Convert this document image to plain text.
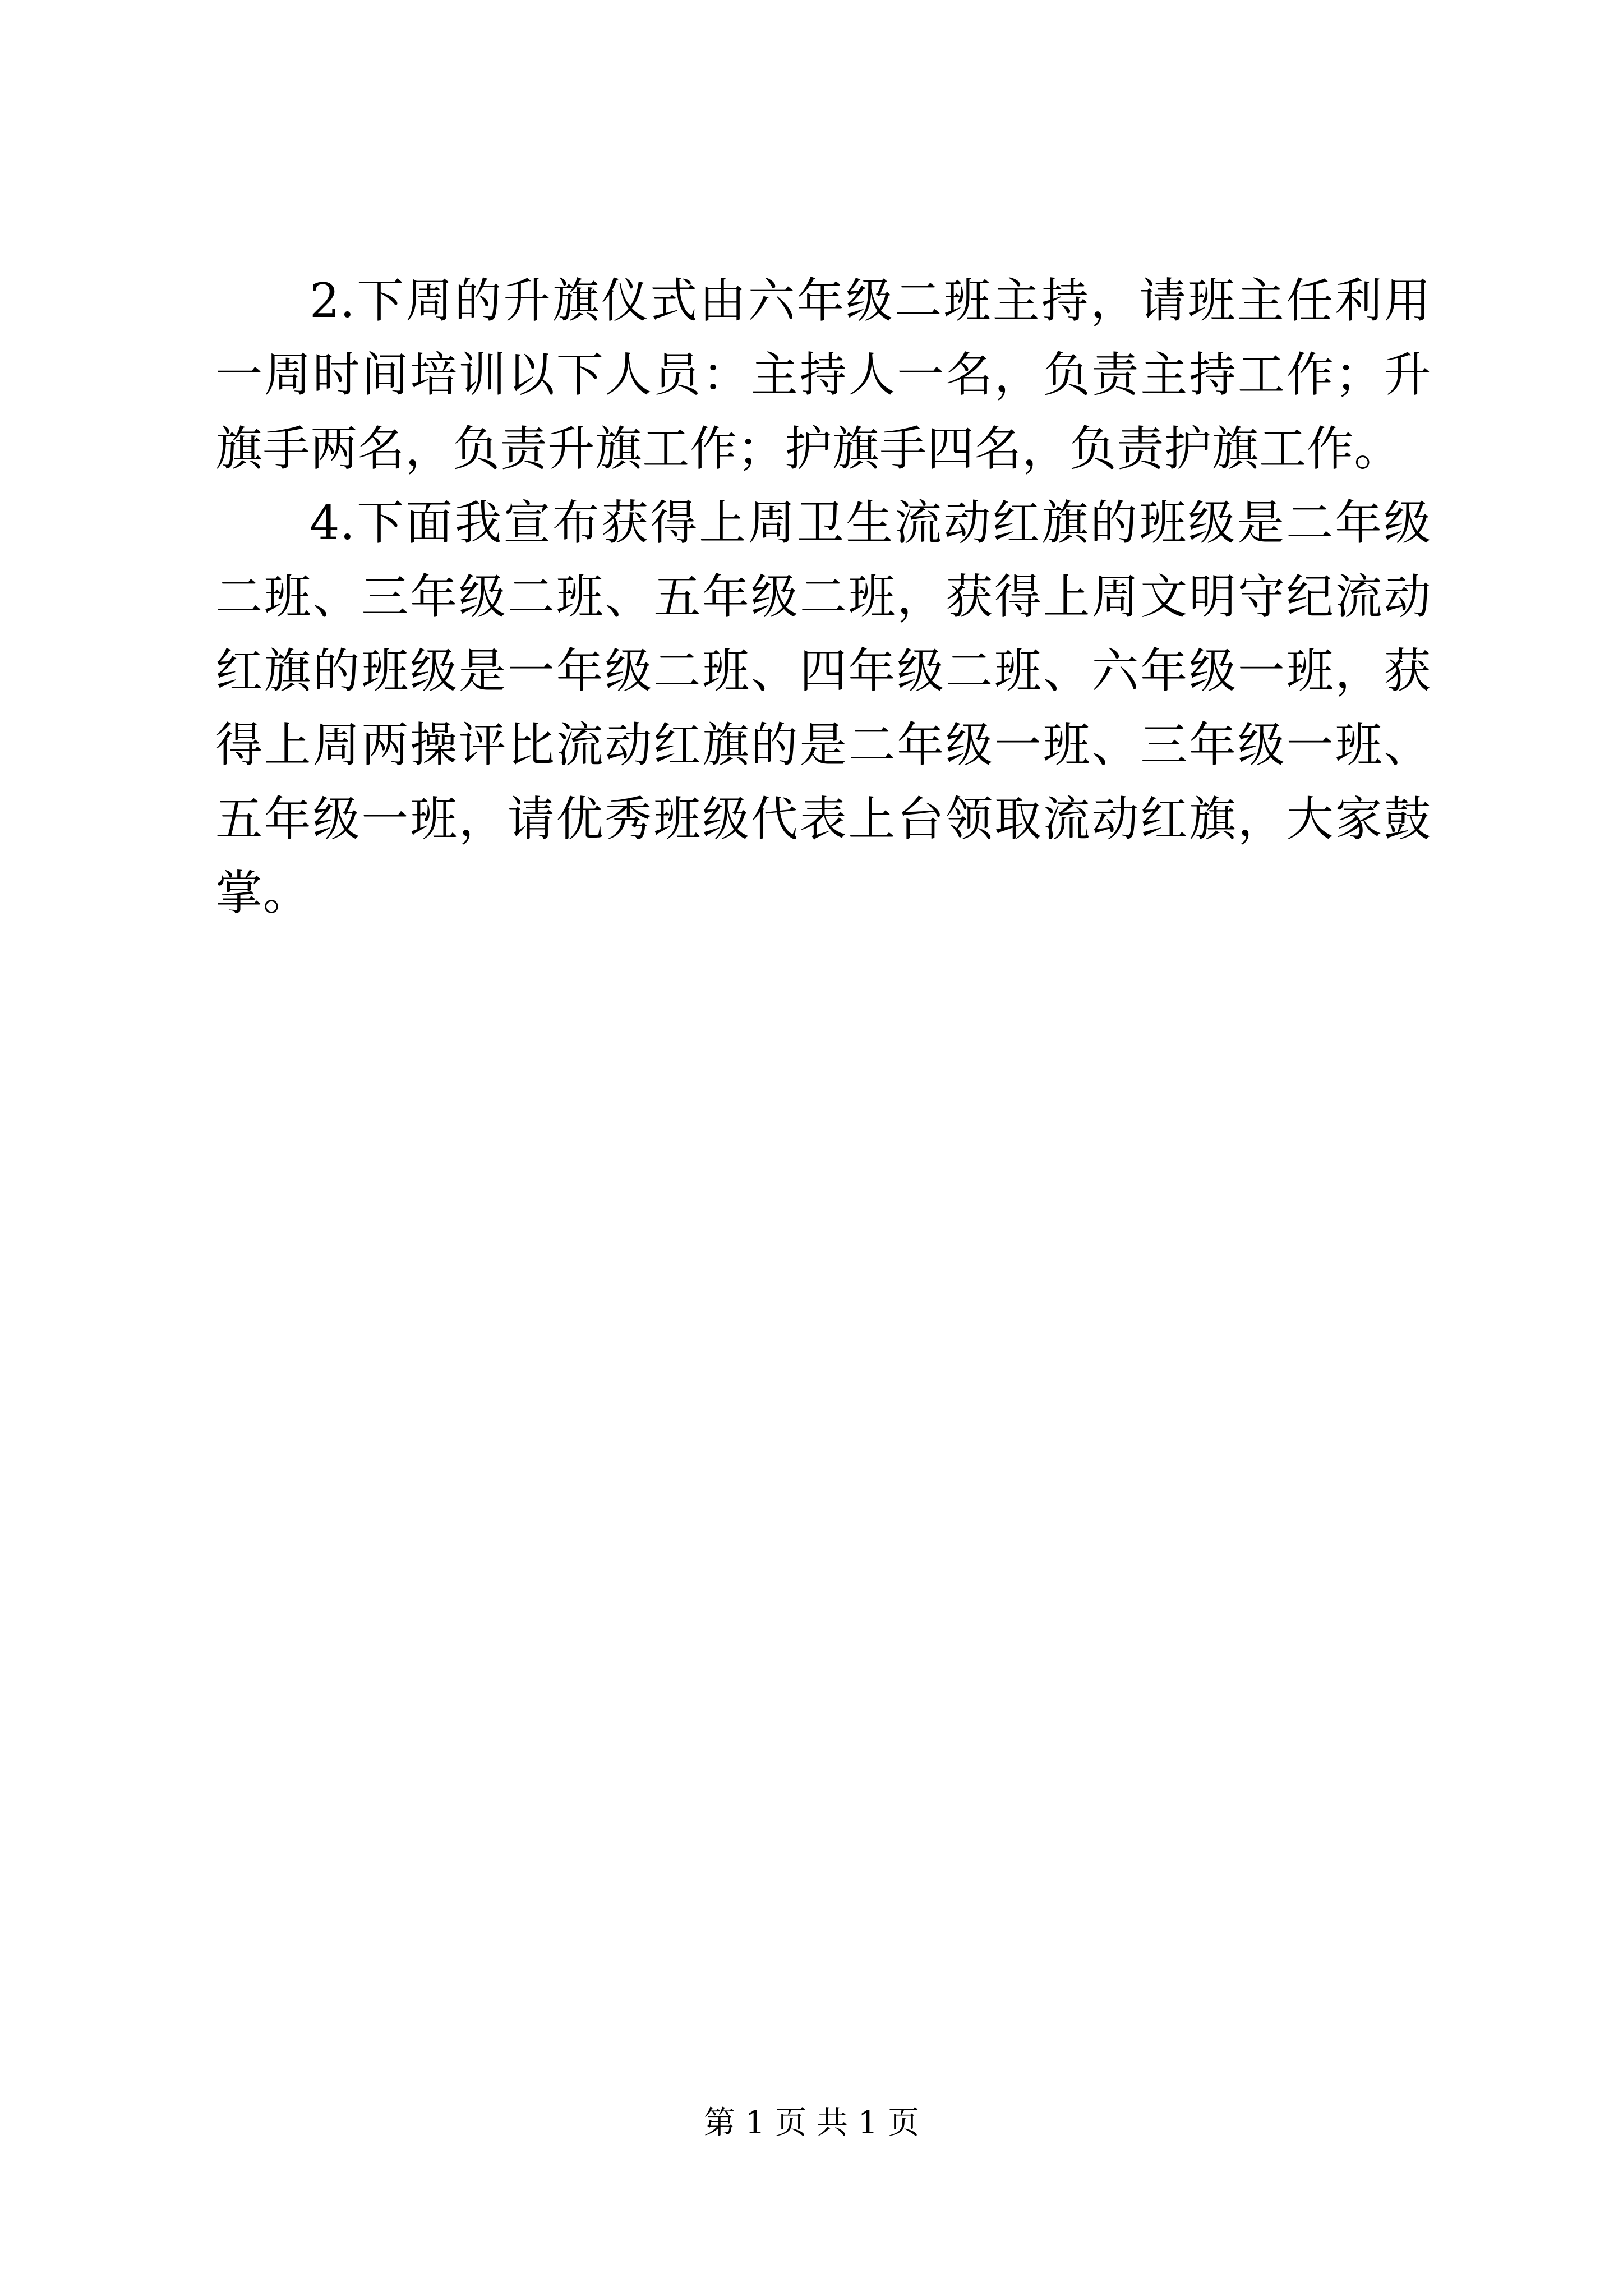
2.下周的升旗仪式由六年级二班主持，请班主任利用一周时间培训以下人员：主持人一名，负责主持工作；升旗手两名，负责升旗工作；护旗手四名，负责护旗工作。

4.下面我宣布获得上周卫生流动红旗的班级是二年级二班、三年级二班、五年级二班，获得上周文明守纪流动红旗的班级是一年级二班、四年级二班、六年级一班，获得上周两操评比流动红旗的是二年级一班、三年级一班、五年级一班，请优秀班级代表上台领取流动红旗，大家鼓掌。

第 1 页 共 1 页
